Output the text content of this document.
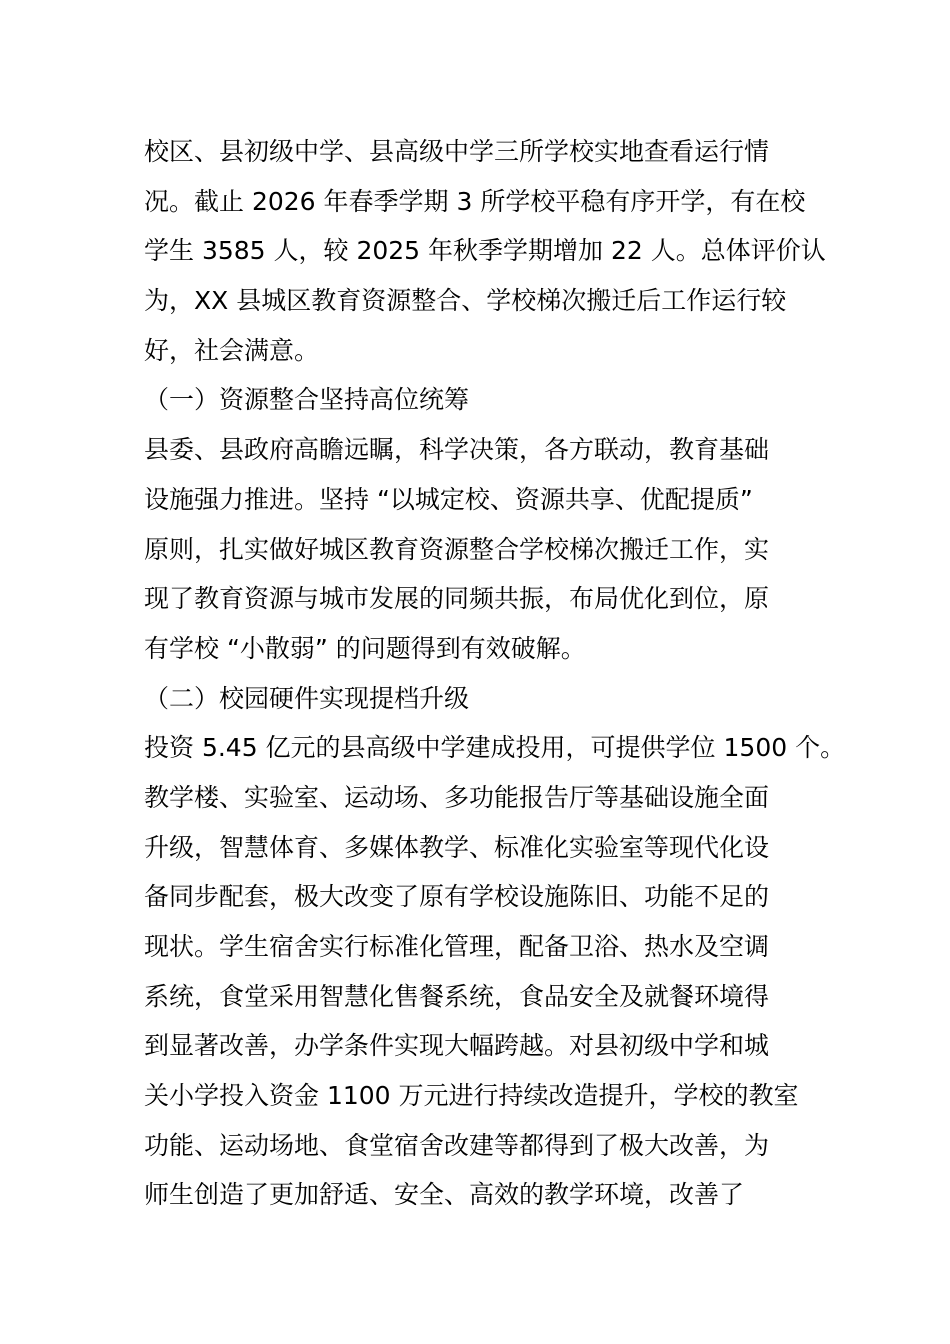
校区、县初级中学、县高级中学三所学校实地查看运行情
况。截止 2026 年春季学期 3 所学校平稳有序开学，有在校
学生 3585 人，较 2025 年秋季学期增加 22 人。总体评价认
为，XX 县城区教育资源整合、学校梯次搬迁后工作运行较
好，社会满意。
（一）资源整合坚持高位统筹
县委、县政府高瞻远瞩，科学决策，各方联动，教育基础
设施强力推进。坚持 “以城定校、资源共享、优配提质”
原则，扎实做好城区教育资源整合学校梯次搬迁工作，实
现了教育资源与城市发展的同频共振，布局优化到位，原
有学校 “小散弱” 的问题得到有效破解。
（二）校园硬件实现提档升级
投资 5.45 亿元的县高级中学建成投用，可提供学位 1500 个。
教学楼、实验室、运动场、多功能报告厅等基础设施全面
升级，智慧体育、多媒体教学、标准化实验室等现代化设
备同步配套，极大改变了原有学校设施陈旧、功能不足的
现状。学生宿舍实行标准化管理，配备卫浴、热水及空调
系统，食堂采用智慧化售餐系统，食品安全及就餐环境得
到显著改善，办学条件实现大幅跨越。对县初级中学和城
关小学投入资金 1100 万元进行持续改造提升，学校的教室
功能、运动场地、食堂宿舍改建等都得到了极大改善，为
师生创造了更加舒适、安全、高效的教学环境，改善了
